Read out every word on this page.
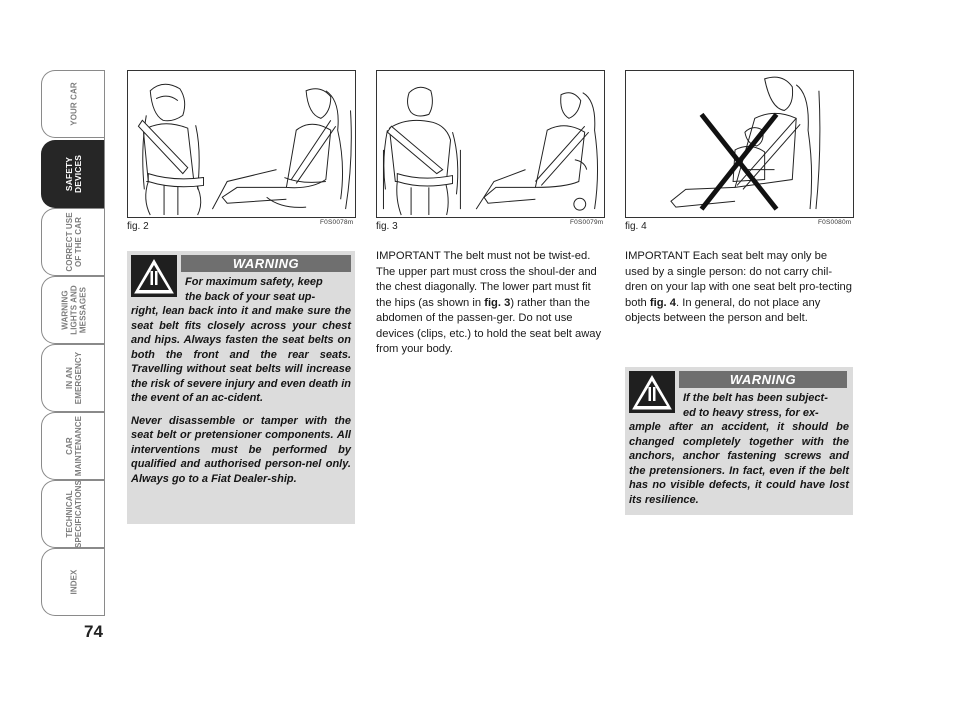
YOUR CAR
SAFETY
DEVICES
CORRECT USE
OF THE CAR
WARNING
LIGHTS AND
MESSAGES
IN AN
EMERGENCY
CAR
MAINTENANCE
TECHNICAL
SPECIFICATIONS
INDEX
74
fig. 2	F0S0078m fig. 3	F0S0079m fig. 4	F0S0080m
WARNING

For maximum safety, keep
the back of your seat up-
right, lean back into it and make sure the seat belt fits closely across your chest and hips. Always fasten the seat belts on both the front and the rear seats. Travelling without seat belts will increase the risk of severe injury and even death in the event of an ac-cident.

Never disassemble or tamper with the seat belt or pretensioner components. All interventions must be performed by qualified and authorised person-nel only. Always go to a Fiat Dealer-ship.

IMPORTANT The belt must not be twist-ed. The upper part must cross the shoul-der and the chest diagonally. The lower part must fit the hips (as shown in fig. 3) rather than the abdomen of the passen-ger. Do not use devices (clips, etc.) to hold the seat belt away from your body.
IMPORTANT Each seat belt may only be used by a single person: do not carry chil-dren on your lap with one seat belt pro-tecting both fig. 4. In general, do not place any objects between the person and belt.
WARNING

If the belt has been subject-
ed to heavy stress, for ex-
ample after an accident, it should be changed completely together with the anchors, anchor fastening screws and the pretensioners. In fact, even if the belt has no visible defects, it could have lost its resilience.
